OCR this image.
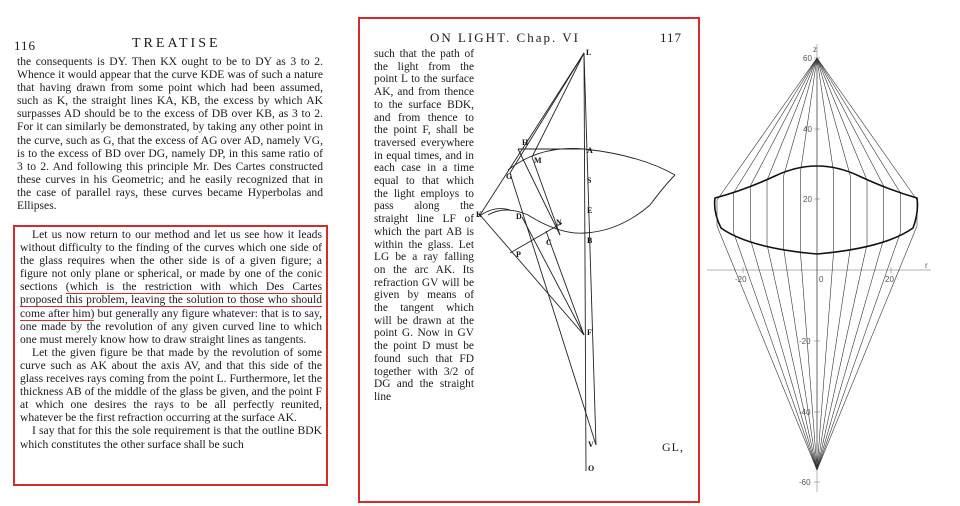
116	TREATISE
the consequents is DY. Then KX ought to be to DY as 3 to 2. Whence it would appear that the curve KDE was of such a nature that having drawn from some point which had been assumed, such as K, the straight lines KA, KB, the excess by which AK surpasses AD should be to the excess of DB over KB, as 3 to 2. For it can similarly be demonstrated, by taking any other point in the curve, such as G, that the excess of AG over AD, namely VG, is to the excess of BD over DG, namely DP, in this same ratio of 3 to 2. And following this principle Mr. Des Cartes constructed these curves in his Geometric; and he easily recognized that in the case of parallel rays, these curves became Hyperbolas and Ellipses.
Let us now return to our method and let us see how it leads without difficulty to the finding of the curves which one side of the glass requires when the other side is of a given figure; a figure not only plane or spherical, or made by one of the conic sections (which is the restriction with which Des Cartes proposed this problem, leaving the solution to those who should come after him) but generally any figure whatever: that is to say, one made by the revolution of any given curved line to which one must merely know how to draw straight lines as tangents.
Let the given figure be that made by the revolution of some curve such as AK about the axis AV, and that this side of the glass receives rays coming from the point L. Furthermore, let the thickness AB of the middle of the glass be given, and the point F at which one desires the rays to be all perfectly reunited, whatever be the first refraction occurring at the surface AK.
I say that for this the sole requirement is that the outline BDK which constitutes the other surface shall be such
ON LIGHT. Chap. VI	117
such that the path of the light from the point L to the surface AK, and from thence to the surface BDK, and from thence to the point F, shall be traversed everywhere in equal times, and in each case in a time equal to that which the light employs to pass along the straight line LF of which the part AB is within the glass. Let LG be a ray falling on the arc AK. Its refraction GV will be given by means of the tangent which will be drawn at the point G. Now in GV the point D must be found such that FD together with 3/2 of DG and the straight line
GL,
L
H
M
A
G	S
K	E
D
N
C	B
P
F
V
O
z
r
-20	0	20
60
40
20
-20
-40
-60
